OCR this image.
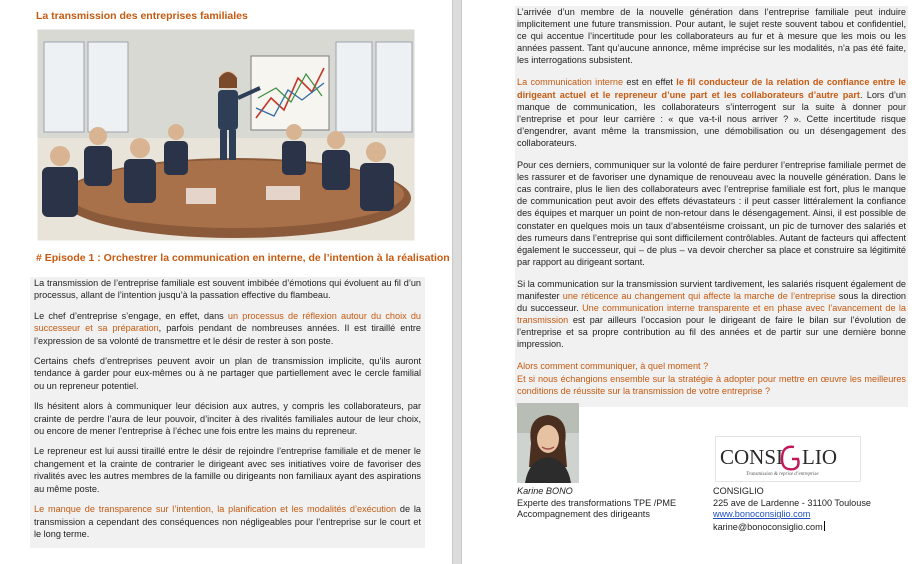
La transmission des entreprises familiales
# Episode 1 : Orchestrer la communication en interne, de l’intention à la réalisation

La transmission de l’entreprise familiale est souvent imbibée d’émotions qui évoluent au fil d’un processus, allant de l’intention jusqu’à la passation effective du flambeau.

Le chef d’entreprise s’engage, en effet, dans un processus de réflexion autour du choix du successeur et sa préparation, parfois pendant de nombreuses années. Il est tiraillé entre l’expression de sa volonté de transmettre et le désir de rester à son poste.

Certains chefs d’entreprises peuvent avoir un plan de transmission implicite, qu’ils auront tendance à garder pour eux-mêmes ou à ne partager que partiellement avec le cercle familial ou un repreneur potentiel.

Ils hésitent alors à communiquer leur décision aux autres, y compris les collaborateurs, par crainte de perdre l’aura de leur pouvoir, d’inciter à des rivalités familiales autour de leur choix, ou encore de mener l’entreprise à l’échec une fois entre les mains du repreneur.

Le repreneur est lui aussi tiraillé entre le désir de rejoindre l’entreprise familiale et de mener le changement et la crainte de contrarier le dirigeant avec ses initiatives voire de favoriser des rivalités avec les autres membres de la famille ou dirigeants non familiaux ayant des aspirations au même poste.

Le manque de transparence sur l’intention, la planification et les modalités d’exécution de la transmission a cependant des conséquences non négligeables pour l’entreprise sur le court et le long terme.

L’arrivée d’un membre de la nouvelle génération dans l’entreprise familiale peut induire implicitement une future transmission. Pour autant, le sujet reste souvent tabou et confidentiel, ce qui accentue l’incertitude pour les collaborateurs au fur et à mesure que les mois ou les années passent. Tant qu’aucune annonce, même imprécise sur les modalités, n’a pas été faite, les interrogations subsistent.

La communication interne est en effet le fil conducteur de la relation de confiance entre le dirigeant actuel et le repreneur d’une part et les collaborateurs d’autre part. Lors d’un manque de communication, les collaborateurs s’interrogent sur la suite à donner pour l’entreprise et pour leur carrière : « que va-t-il nous arriver ? ». Cette incertitude risque d’engendrer, avant même la transmission, une démobilisation ou un désengagement des collaborateurs.

Pour ces derniers, communiquer sur la volonté de faire perdurer l’entreprise familiale permet de les rassurer et de favoriser une dynamique de renouveau avec la nouvelle génération. Dans le cas contraire, plus le lien des collaborateurs avec l’entreprise familiale est fort, plus le manque de communication peut avoir des effets dévastateurs : il peut casser littéralement la confiance des équipes et marquer un point de non-retour dans le désengagement. Ainsi, il est possible de constater en quelques mois un taux d’absentéisme croissant, un pic de turnover des salariés et des rumeurs dans l’entreprise qui sont difficilement contrôlables. Autant de facteurs qui affectent également le successeur, qui – de plus – va devoir chercher sa place et construire sa légitimité par rapport au dirigeant sortant.

Si la communication sur la transmission survient tardivement, les salariés risquent également de manifester une réticence au changement qui affecte la marche de l’entreprise sous la direction du successeur. Une communication interne transparente et en phase avec l’avancement de la transmission est par ailleurs l’occasion pour le dirigeant de faire le bilan sur l’évolution de l’entreprise et sa propre contribution au fil des années et de partir sur une dernière bonne impression.

Alors comment communiquer, à quel moment ?

Et si nous échangions ensemble sur la stratégie à adopter pour mettre en œuvre les meilleures conditions de réussite sur la transmission de votre entreprise ?

Karine BONO
Experte des transformations TPE /PME
Accompagnement des dirigeants
CONSI LIO
Transmission & reprise d’entreprise
CONSIGLIO
225 ave de Lardenne - 31100 Toulouse
www.bonoconsiglio.com
karine@bonoconsiglio.com
